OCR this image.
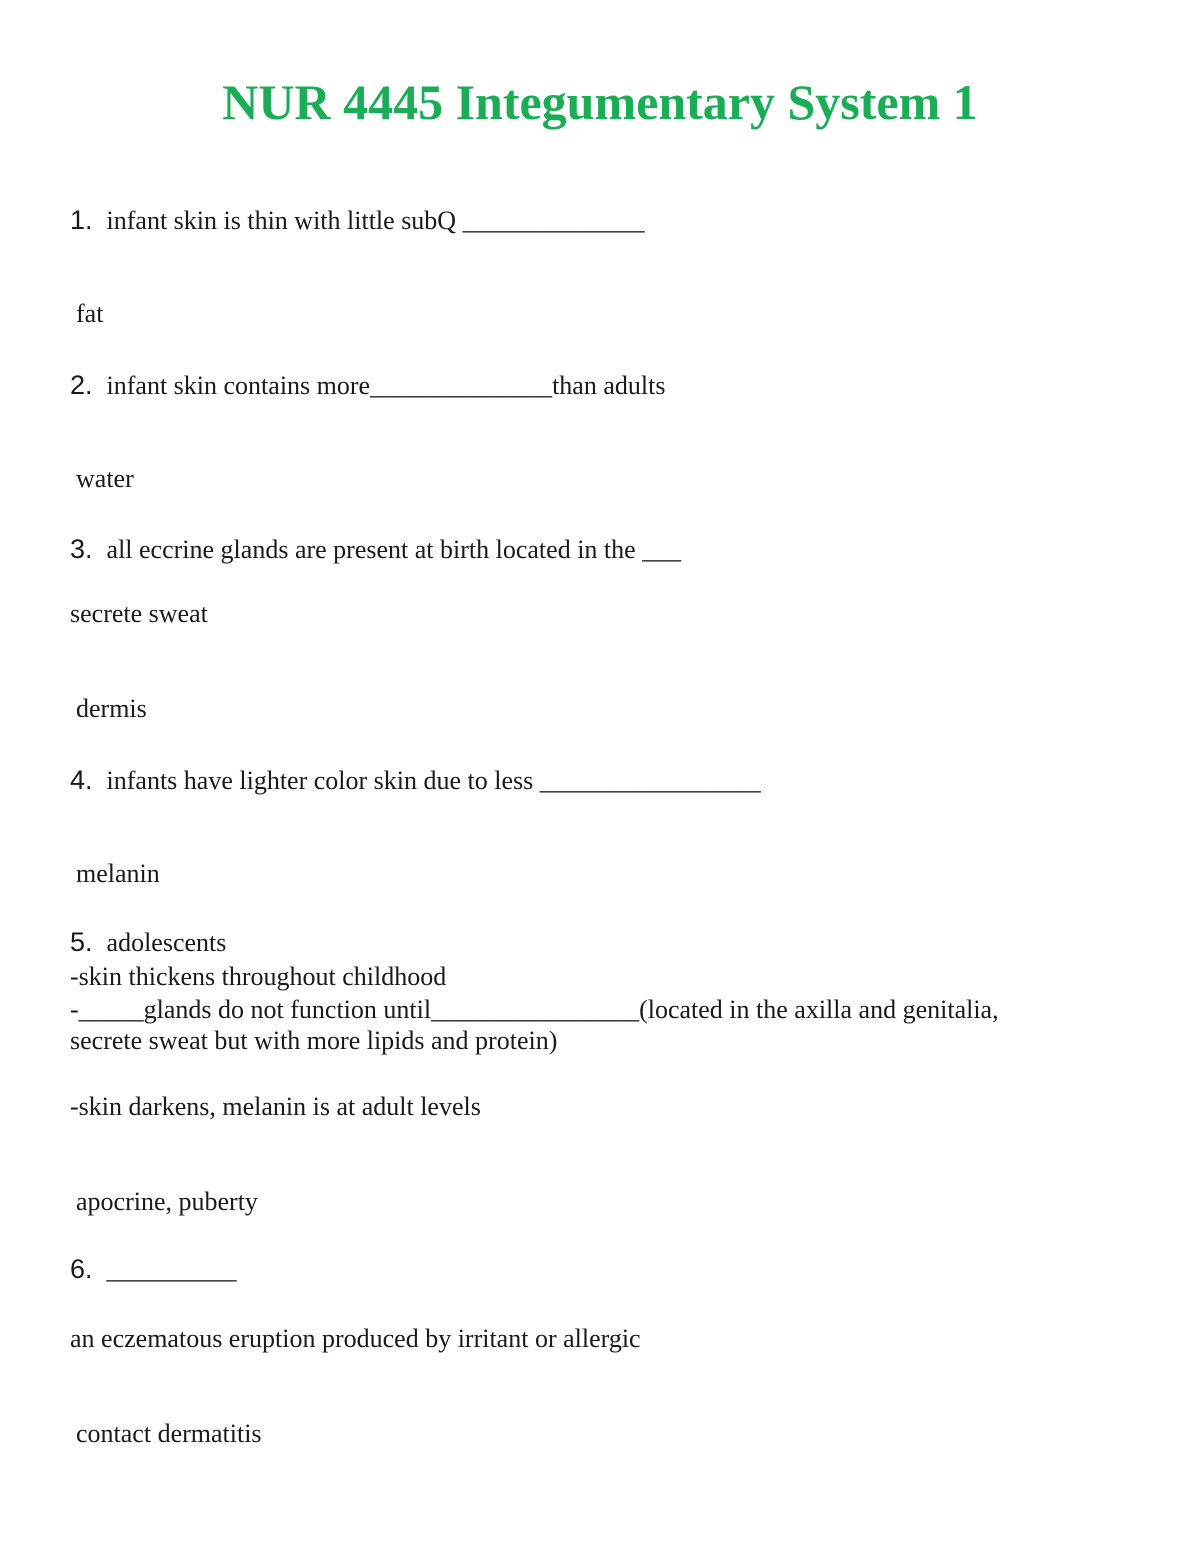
NUR 4445 Integumentary System 1
1. infant skin is thin with little subQ ______________
fat
2. infant skin contains more______________than adults
water
3. all eccrine glands are present at birth located in the ___
secrete sweat
dermis
4. infants have lighter color skin due to less _________________
melanin
5. adolescents
-skin thickens throughout childhood
-_____glands do not function until________________(located in the axilla and genitalia,
secrete sweat but with more lipids and protein)
-skin darkens, melanin is at adult levels
apocrine, puberty
6. __________
an eczematous eruption produced by irritant or allergic
contact dermatitis
